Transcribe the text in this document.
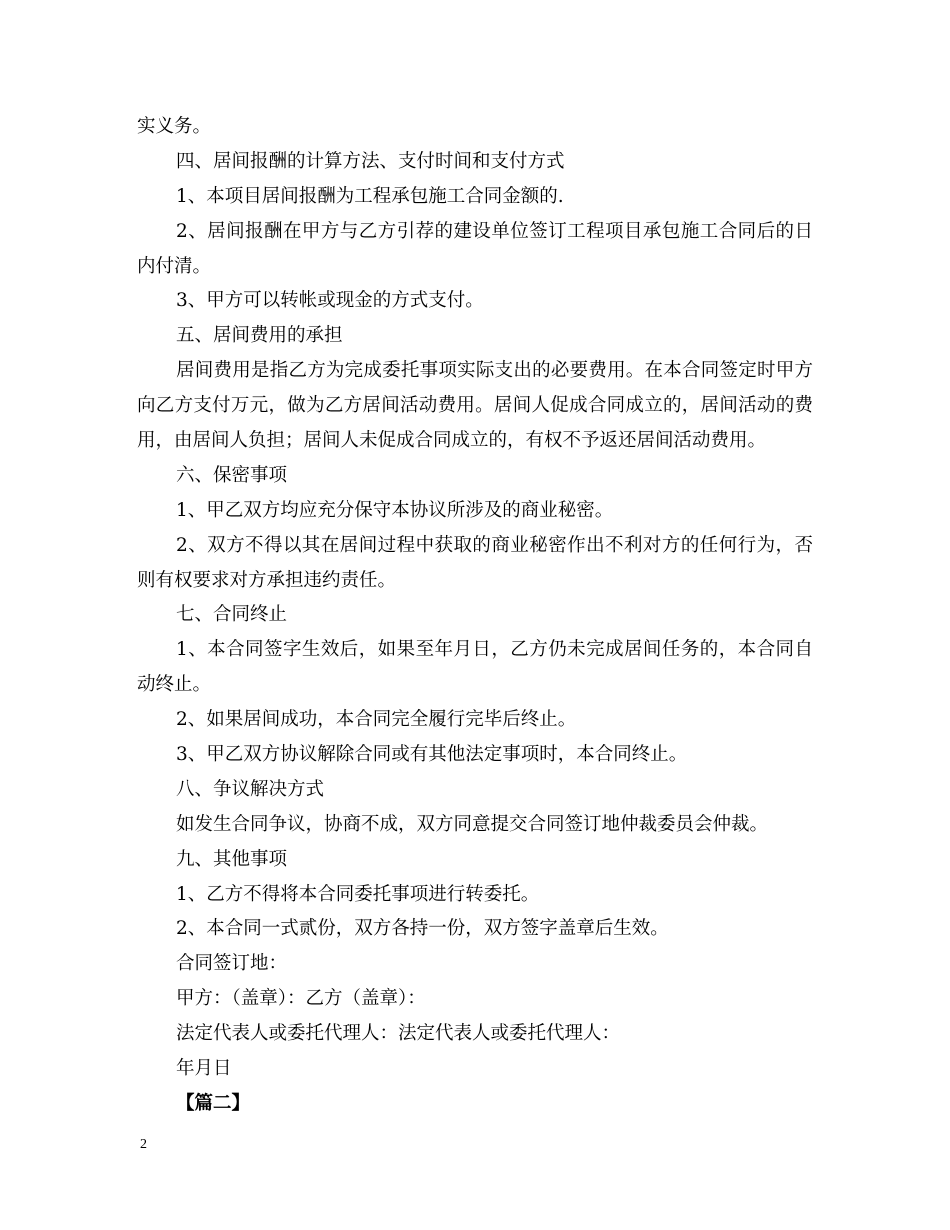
实义务。
四、居间报酬的计算方法、支付时间和支付方式
1、本项目居间报酬为工程承包施工合同金额的.
2、居间报酬在甲方与乙方引荐的建设单位签订工程项目承包施工合同后的日
内付清。
3、甲方可以转帐或现金的方式支付。
五、居间费用的承担
居间费用是指乙方为完成委托事项实际支出的必要费用。在本合同签定时甲方
向乙方支付万元，做为乙方居间活动费用。居间人促成合同成立的，居间活动的费
用，由居间人负担；居间人未促成合同成立的，有权不予返还居间活动费用。
六、保密事项
1、甲乙双方均应充分保守本协议所涉及的商业秘密。
2、双方不得以其在居间过程中获取的商业秘密作出不利对方的任何行为，否
则有权要求对方承担违约责任。
七、合同终止
1、本合同签字生效后，如果至年月日，乙方仍未完成居间任务的，本合同自
动终止。
2、如果居间成功，本合同完全履行完毕后终止。
3、甲乙双方协议解除合同或有其他法定事项时，本合同终止。
八、争议解决方式
如发生合同争议，协商不成，双方同意提交合同签订地仲裁委员会仲裁。
九、其他事项
1、乙方不得将本合同委托事项进行转委托。
2、本合同一式贰份，双方各持一份，双方签字盖章后生效。
合同签订地：
甲方：（盖章）：乙方（盖章）：
法定代表人或委托代理人：法定代表人或委托代理人：
年月日
【篇二】
2
